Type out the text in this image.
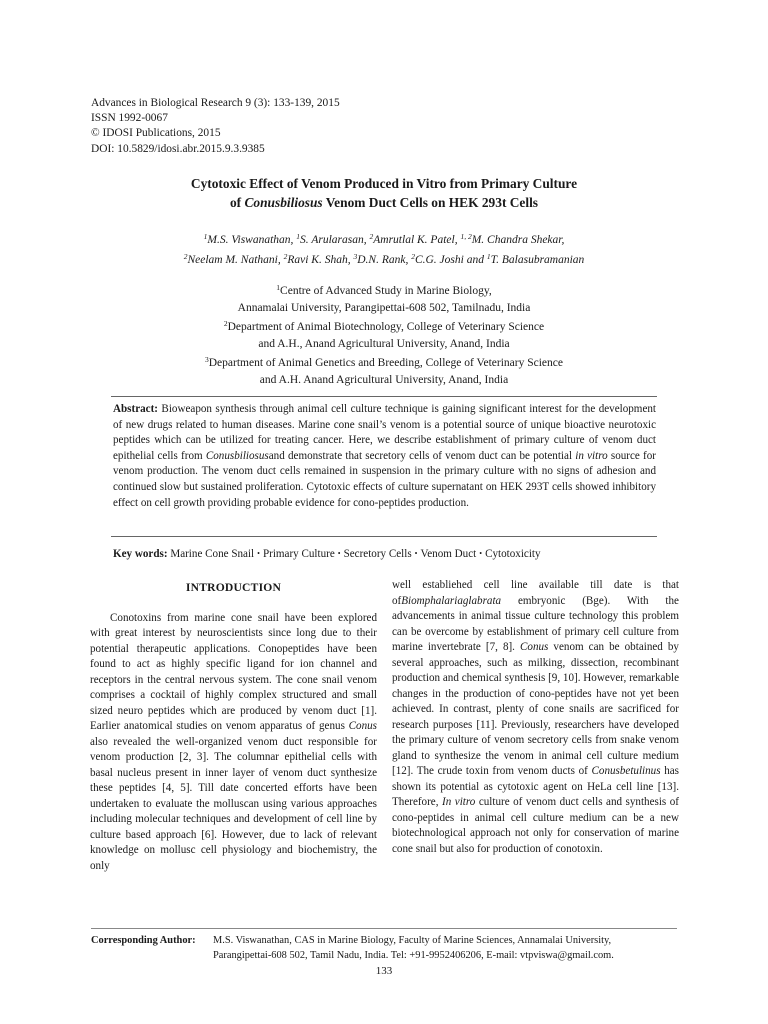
Advances in Biological Research 9 (3): 133-139, 2015
ISSN 1992-0067
© IDOSI Publications, 2015
DOI: 10.5829/idosi.abr.2015.9.3.9385
Cytotoxic Effect of Venom Produced in Vitro from Primary Culture
of Conusbiliosus Venom Duct Cells on HEK 293t Cells
$^1$M.S. Viswanathan, $^1$S. Arularasan, $^2$Amrutlal K. Patel, $^{1, 2}$M. Chandra Shekar,
$^2$Neelam M. Nathani, $^2$Ravi K. Shah, $^3$D.N. Rank, $^2$C.G. Joshi and $^1$T. Balasubramanian
$^1$Centre of Advanced Study in Marine Biology,
Annamalai University, Parangipettai-608 502, Tamilnadu, India
$^2$Department of Animal Biotechnology, College of Veterinary Science
and A.H., Anand Agricultural University, Anand, India
$^3$Department of Animal Genetics and Breeding, College of Veterinary Science
and A.H. Anand Agricultural University, Anand, India
Abstract: Bioweapon synthesis through animal cell culture technique is gaining significant interest for the development of new drugs related to human diseases. Marine cone snail’s venom is a potential source of unique bioactive neurotoxic peptides which can be utilized for treating cancer. Here, we describe establishment of primary culture of venom duct epithelial cells from Conusbiliosusand demonstrate that secretory cells of venom duct can be potential in vitro source for venom production. The venom duct cells remained in suspension in the primary culture with no signs of adhesion and continued slow but sustained proliferation. Cytotoxic effects of culture supernatant on HEK 293T cells showed inhibitory effect on cell growth providing probable evidence for cono-peptides production.
Key words: Marine Cone Snail • Primary Culture • Secretory Cells • Venom Duct • Cytotoxicity
INTRODUCTION

Conotoxins from marine cone snail have been explored with great interest by neuroscientists since long due to their potential therapeutic applications. Conopeptides have been found to act as highly specific ligand for ion channel and receptors in the central nervous system. The cone snail venom comprises a cocktail of highly complex structured and small sized neuro peptides which are produced by venom duct [1]. Earlier anatomical studies on venom apparatus of genus Conus also revealed the well-organized venom duct responsible for venom production [2, 3]. The columnar epithelial cells with basal nucleus present in inner layer of venom duct synthesize these peptides [4, 5]. Till date concerted efforts have been undertaken to evaluate the molluscan using various approaches including molecular techniques and development of cell line by culture based approach [6]. However, due to lack of relevant knowledge on mollusc cell physiology and biochemistry, the only

well establiehed cell line available till date is that ofBiomphalariaglabrata embryonic (Bge). With the advancements in animal tissue culture technology this problem can be overcome by establishment of primary cell culture from marine invertebrate [7, 8]. Conus venom can be obtained by several approaches, such as milking, dissection, recombinant production and chemical synthesis [9, 10]. However, remarkable changes in the production of cono-peptides have not yet been achieved. In contrast, plenty of cone snails are sacrificed for research purposes [11]. Previously, researchers have developed the primary culture of venom secretory cells from snake venom gland to synthesize the venom in animal cell culture medium [12]. The crude toxin from venom ducts of Conusbetulinus has shown its potential as cytotoxic agent on HeLa cell line [13]. Therefore, In vitro culture of venom duct cells and synthesis of cono-peptides in animal cell culture medium can be a new biotechnological approach not only for conservation of marine cone snail but also for production of conotoxin.

Corresponding Author: M.S. Viswanathan, CAS in Marine Biology, Faculty of Marine Sciences, Annamalai University,
Parangipettai-608 502, Tamil Nadu, India. Tel: +91-9952406206, E-mail: vtpviswa@gmail.com.
133
